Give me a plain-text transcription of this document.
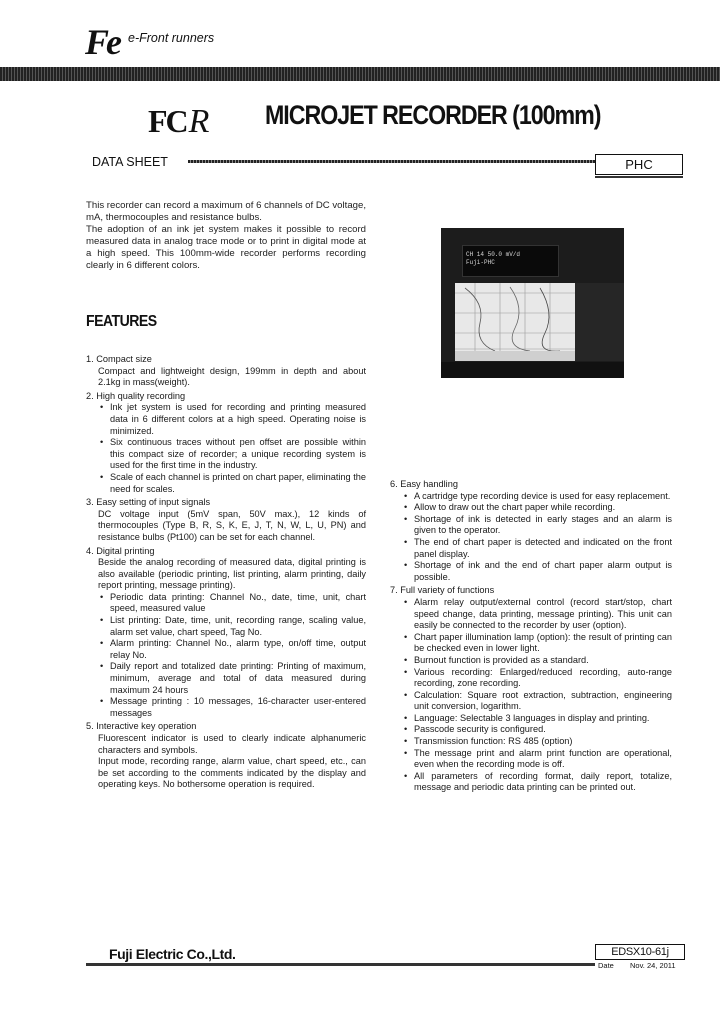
Fe e-Front runners
FCR MICROJET RECORDER (100mm)
DATA SHEET	PHC

This recorder can record a maximum of 6 channels of DC voltage, mA, thermocouples and resistance bulbs.

The adoption of an ink jet system makes it possible to record measured data in analog trace mode or to print in digital mode at a high speed. This 100mm-wide recorder performs recording clearly in 6 different colors.

CH 14 50.0 mV/d
Fuji-PHC
FEATURES
1. Compact size
Compact and lightweight design, 199mm in depth and about 2.1kg in mass(weight).
2. High quality recording
• Ink jet system is used for recording and printing measured data in 6 different colors at a high speed. Operating noise is minimized.
• Six continuous traces without pen offset are possible within this compact size of recorder; a unique recording system is used for the first time in the industry.
• Scale of each channel is printed on chart paper, eliminating the need for scales.
3. Easy setting of input signals
DC voltage input (5mV span, 50V max.), 12 kinds of thermocouples (Type B, R, S, K, E, J, T, N, W, L, U, PN) and resistance bulbs (Pt100) can be set for each channel.
4. Digital printing
Beside the analog recording of measured data, digital printing is also available (periodic printing, list printing, alarm printing, daily report printing, message printing).
• Periodic data printing: Channel No., date, time, unit, chart speed, measured value
• List printing: Date, time, unit, recording range, scaling value, alarm set value, chart speed, Tag No.
• Alarm printing: Channel No., alarm type, on/off time, output relay No.
• Daily report and totalized date printing: Printing of maximum, minimum, average and total of data measured during maximum 24 hours
• Message printing : 10 messages, 16-character user-entered messages
5. Interactive key operation
Fluorescent indicator is used to clearly indicate alphanumeric characters and symbols.
Input mode, recording range, alarm value, chart speed, etc., can be set according to the comments indicated by the display and operating keys. No bothersome operation is required.
6. Easy handling
• A cartridge type recording device is used for easy replacement.
• Allow to draw out the chart paper while recording.
• Shortage of ink is detected in early stages and an alarm is given to the operator.
• The end of chart paper is detected and indicated on the front panel display.
• Shortage of ink and the end of chart paper alarm output is possible.
7. Full variety of functions
• Alarm relay output/external control (record start/stop, chart speed change, data printing, message printing). This unit can easily be connected to the recorder by user (option).
• Chart paper illumination lamp (option): the result of printing can be checked even in lower light.
• Burnout function is provided as a standard.
• Various recording: Enlarged/reduced recording, auto-range recording, zone recording.
• Calculation: Square root extraction, subtraction, engineering unit conversion, logarithm.
• Language: Selectable 3 languages in display and printing.
• Passcode security is configured.
• Transmission function: RS 485 (option)
• The message print and alarm print function are operational, even when the recording mode is off.
• All parameters of recording format, daily report, totalize, message and periodic data printing can be printed out.
Fuji Electric Co.,Ltd.	EDSX10-61j
Date Nov. 24, 2011
